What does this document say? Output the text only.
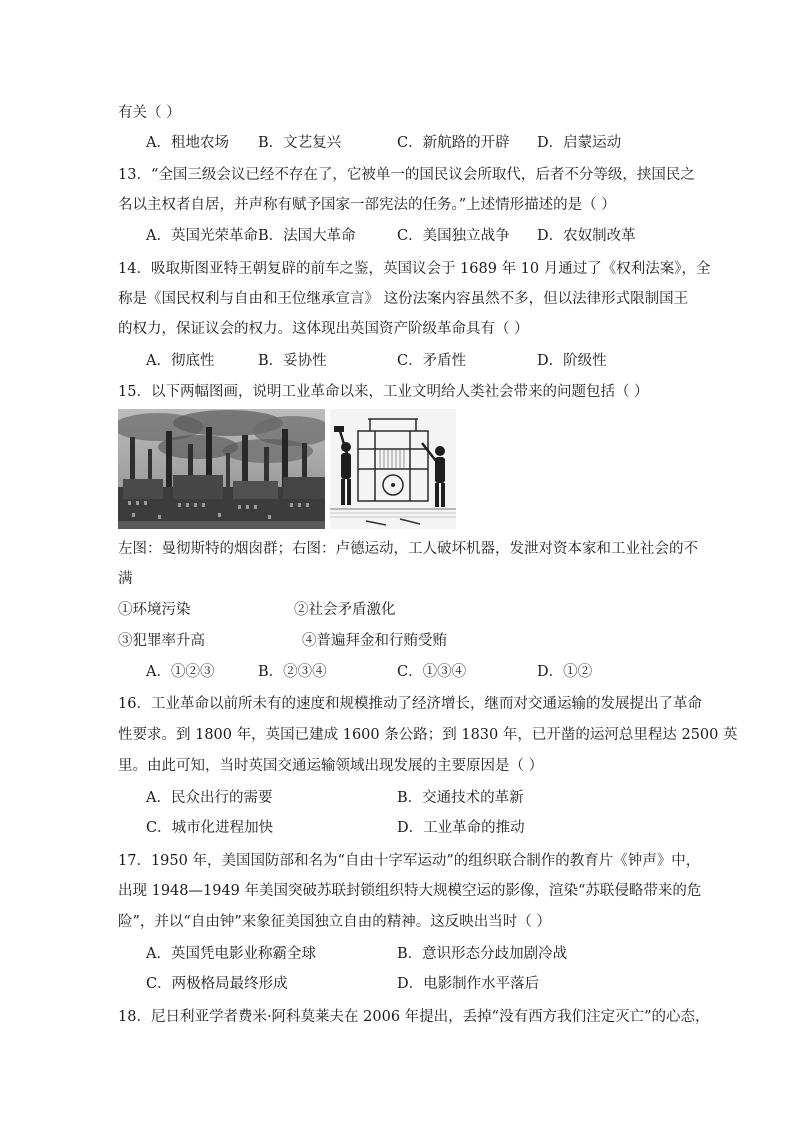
有关（ ）
A．租地农场 B．文艺复兴	C．新航路的开辟 D．启蒙运动
13．“全国三级会议已经不存在了，它被单一的国民议会所取代，后者不分等级，挟国民之
名以主权者自居，并声称有赋予国家一部宪法的任务。”上述情形描述的是（ ）
A．英国光荣革命 B．法国大革命	C．美国独立战争 D．农奴制改革
14．吸取斯图亚特王朝复辟的前车之鉴，英国议会于 1689 年 10 月通过了《权利法案》，全
称是《国民权利与自由和王位继承宣言》 这份法案内容虽然不多，但以法律形式限制国王
的权力，保证议会的权力。这体现出英国资产阶级革命具有（ ）
A．彻底性	B．妥协性	C．矛盾性	D．阶级性
15．以下两幅图画，说明工业革命以来，工业文明给人类社会带来的问题包括（ ）
左图：曼彻斯特的烟囱群；右图：卢德运动，工人破坏机器，发泄对资本家和工业社会的不
满
①环境污染	②社会矛盾激化
③犯罪率升高	④普遍拜金和行贿受贿
A．①②③	B．②③④	C．①③④	D．①②
16．工业革命以前所未有的速度和规模推动了经济增长，继而对交通运输的发展提出了革命
性要求。到 1800 年，英国已建成 1600 条公路；到 1830 年，已开凿的运河总里程达 2500 英
里。由此可知，当时英国交通运输领域出现发展的主要原因是（ ）
A．民众出行的需要	B．交通技术的革新
C．城市化进程加快	D．工业革命的推动
17．1950 年，美国国防部和名为“自由十字军运动”的组织联合制作的教育片《钟声》中，
出现 1948—1949 年美国突破苏联封锁组织特大规模空运的影像，渲染“苏联侵略带来的危
险”，并以“自由钟”来象征美国独立自由的精神。这反映出当时（ ）
A．英国凭电影业称霸全球	B．意识形态分歧加剧冷战
C．两极格局最终形成	D．电影制作水平落后
18．尼日利亚学者费米·阿科莫莱夫在 2006 年提出，丢掉“没有西方我们注定灭亡”的心态，
